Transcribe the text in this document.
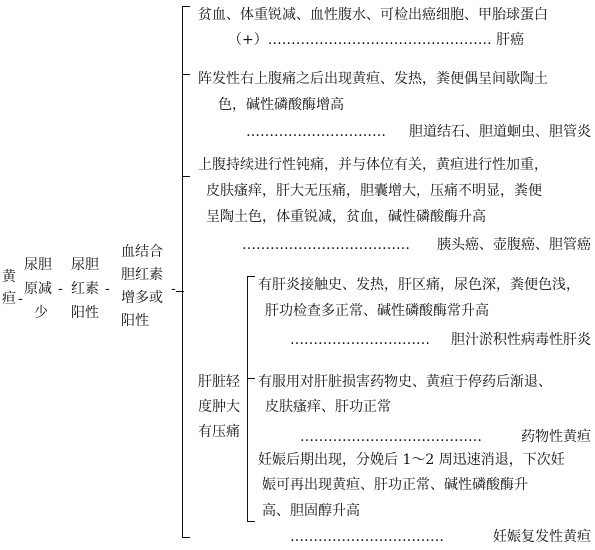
黄
疸 -
尿胆
原减
少
-
尿胆
红素
阳性
-
血结合
胆红素
增多或
阳性
-
贫血、体重锐减、血性腹水、可检出癌细胞、甲胎球蛋白
（+）………………………………………… 肝癌
阵发性右上腹痛之后出现黄疸、发热，粪便偶呈间歇陶土
色，碱性磷酸酶增高
………………………… 胆道结石、胆道蛔虫、胆管炎
上腹持续进行性钝痛，并与体位有关，黄疸进行性加重，
皮肤瘙痒，肝大无压痛，胆囊增大，压痛不明显，粪便
呈陶土色，体重锐减，贫血，碱性磷酸酶升高
……………………………… 胰头癌、壶腹癌、胆管癌
肝脏轻
度肿大
有压痛
有肝炎接触史、发热，肝区痛，尿色深，粪便色浅，
肝功检查多正常、碱性磷酸酶常升高
………………………… 胆汁淤积性病毒性肝炎
有服用对肝脏损害药物史、黄疸于停药后渐退、
皮肤瘙痒、肝功正常
…………………………………	药物性黄疸
妊娠后期出现，分娩后 1～2 周迅速消退，下次妊
娠可再出现黄疸、肝功正常、碱性磷酸酶升
高、胆固醇升高
……………………………	妊娠复发性黄疸
